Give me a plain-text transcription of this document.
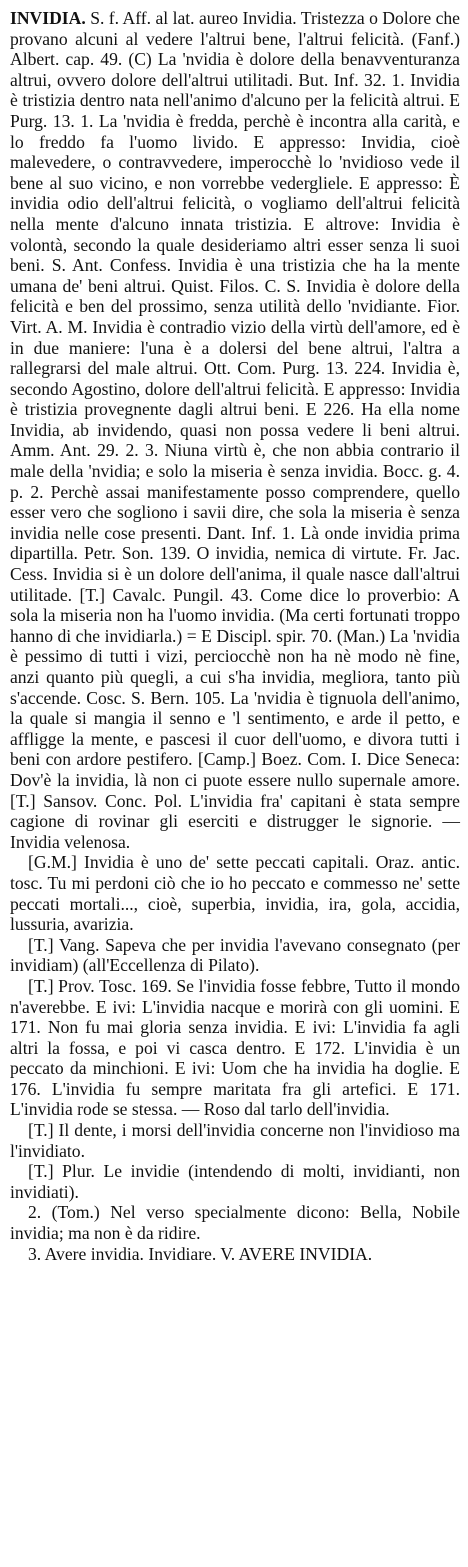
INVIDIA. S. f. Aff. al lat. aureo Invidia. Tristezza o Dolore che provano alcuni al vedere l'altrui bene, l'altrui felicità. (Fanf.) Albert. cap. 49. (C) La 'nvidia è dolore della benavventuranza altrui, ovvero dolore dell'altrui utilitadi. But. Inf. 32. 1. Invidia è tristizia dentro nata nell'animo d'alcuno per la felicità altrui. E Purg. 13. 1. La 'nvidia è fredda, perchè è incontra alla carità, e lo freddo fa l'uomo livido. E appresso: Invidia, cioè malevedere, o contravvedere, imperocchè lo 'nvidioso vede il bene al suo vicino, e non vorrebbe vederglielе. E appresso: È invidia odio dell'altrui felicità, o vogliamo dell'altrui felicità nella mente d'alcuno innata tristizia. E altrove: Invidia è volontà, secondo la quale desideriamo altri esser senza li suoi beni. S. Ant. Confess. Invidia è una tristizia che ha la mente umana de' beni altrui. Quist. Filos. C. S. Invidia è dolore della felicità e ben del prossimo, senza utilità dello 'nvidiante. Fior. Virt. A. M. Invidia è contradio vizio della virtù dell'amore, ed è in due maniere: l'una è a dolersi del bene altrui, l'altra a rallegrarsi del male altrui. Ott. Com. Purg. 13. 224. Invidia è, secondo Agostino, dolore dell'altrui felicità. E appresso: Invidia è tristizia provegnente dagli altrui beni. E 226. Ha ella nome Invidia, ab invidendo, quasi non possa vedere li beni altrui. Amm. Ant. 29. 2. 3. Niuna virtù è, che non abbia contrario il male della 'nvidia; e solo la miseria è senza invidia. Bocc. g. 4. p. 2. Perchè assai manifestamente posso comprendere, quello esser vero che sogliono i savii dire, che sola la miseria è senza invidia nelle cose presenti. Dant. Inf. 1. Là onde invidia prima dipartilla. Petr. Son. 139. O invidia, nemica di virtute. Fr. Jac. Cess. Invidia si è un dolore dell'anima, il quale nasce dall'altrui utilitade. [T.] Cavalc. Pungil. 43. Come dice lo proverbio: A sola la miseria non ha l'uomo invidia. (Ma certi fortunati troppo hanno di che invidiarla.) = E Discipl. spir. 70. (Man.) La 'nvidia è pessimo di tutti i vizi, perciocchè non ha nè modo nè fine, anzi quanto più quegli, a cui s'ha invidia, megliora, tanto più s'accende. Cosc. S. Bern. 105. La 'nvidia è tignuola dell'animo, la quale si mangia il senno e 'l sentimento, e arde il petto, e affligge la mente, e pascesi il cuor dell'uomo, e divora tutti i beni con ardore pestifero. [Camp.] Boez. Com. I. Dice Seneca: Dov'è la invidia, là non ci puote essere nullo supernale amore. [T.] Sansov. Conc. Pol. L'invidia fra' capitani è stata sempre cagione di rovinar gli eserciti e distrugger le signorie. — Invidia velenosa.

[G.M.] Invidia è uno de' sette peccati capitali. Oraz. antic. tosc. Tu mi perdoni ciò che io ho peccato e commesso ne' sette peccati mortali..., cioè, superbia, invidia, ira, gola, accidia, lussuria, avarizia.

[T.] Vang. Sapeva che per invidia l'avevano consegnato (per invidiam) (all'Eccellenza di Pilato).

[T.] Prov. Tosc. 169. Se l'invidia fosse febbre, Tutto il mondo n'averebbe. E ivi: L'invidia nacque e morirà con gli uomini. E 171. Non fu mai gloria senza invidia. E ivi: L'invidia fa agli altri la fossa, e poi vi casca dentro. E 172. L'invidia è un peccato da minchioni. E ivi: Uom che ha invidia ha doglie. E 176. L'invidia fu sempre maritata fra gli artefici. E 171. L'invidia rode se stessa. — Roso dal tarlo dell'invidia.

[T.] Il dente, i morsi dell'invidia concerne non l'invidioso ma l'invidiato.

[T.] Plur. Le invidie (intendendo di molti, invidianti, non invidiati).

2. (Tom.) Nel verso specialmente dicono: Bella, Nobile invidia; ma non è da ridire.

3. Avere invidia. Invidiare. V. AVERE INVIDIA.
